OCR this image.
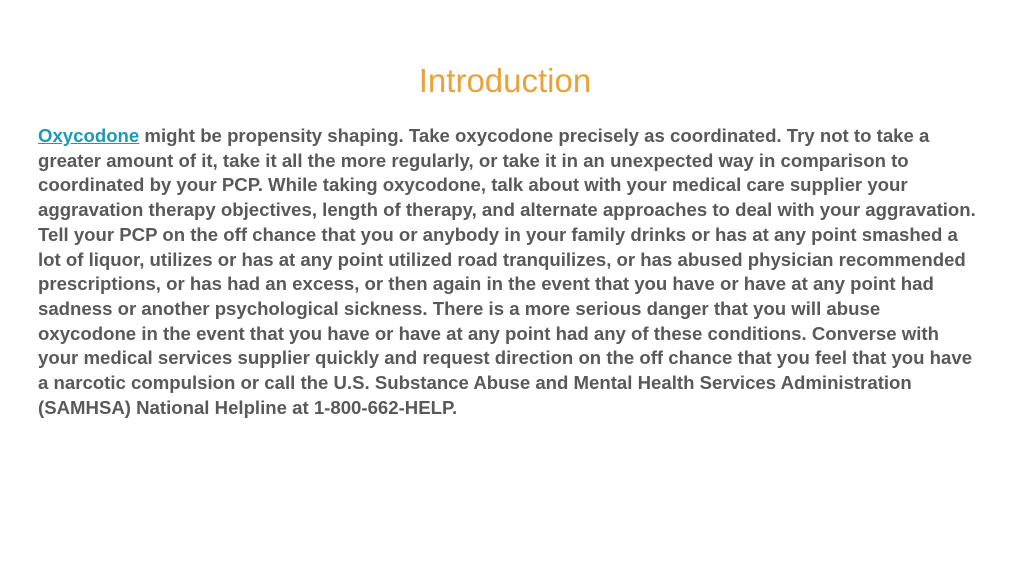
Introduction

Oxycodone might be propensity shaping. Take oxycodone precisely as coordinated. Try not to take a greater amount of it, take it all the more regularly, or take it in an unexpected way in comparison to coordinated by your PCP. While taking oxycodone, talk about with your medical care supplier your aggravation therapy objectives, length of therapy, and alternate approaches to deal with your aggravation. Tell your PCP on the off chance that you or anybody in your family drinks or has at any point smashed a lot of liquor, utilizes or has at any point utilized road tranquilizes, or has abused physician recommended prescriptions, or has had an excess, or then again in the event that you have or have at any point had sadness or another psychological sickness. There is a more serious danger that you will abuse oxycodone in the event that you have or have at any point had any of these conditions. Converse with your medical services supplier quickly and request direction on the off chance that you feel that you have a narcotic compulsion or call the U.S. Substance Abuse and Mental Health Services Administration (SAMHSA) National Helpline at 1-800-662-HELP.
